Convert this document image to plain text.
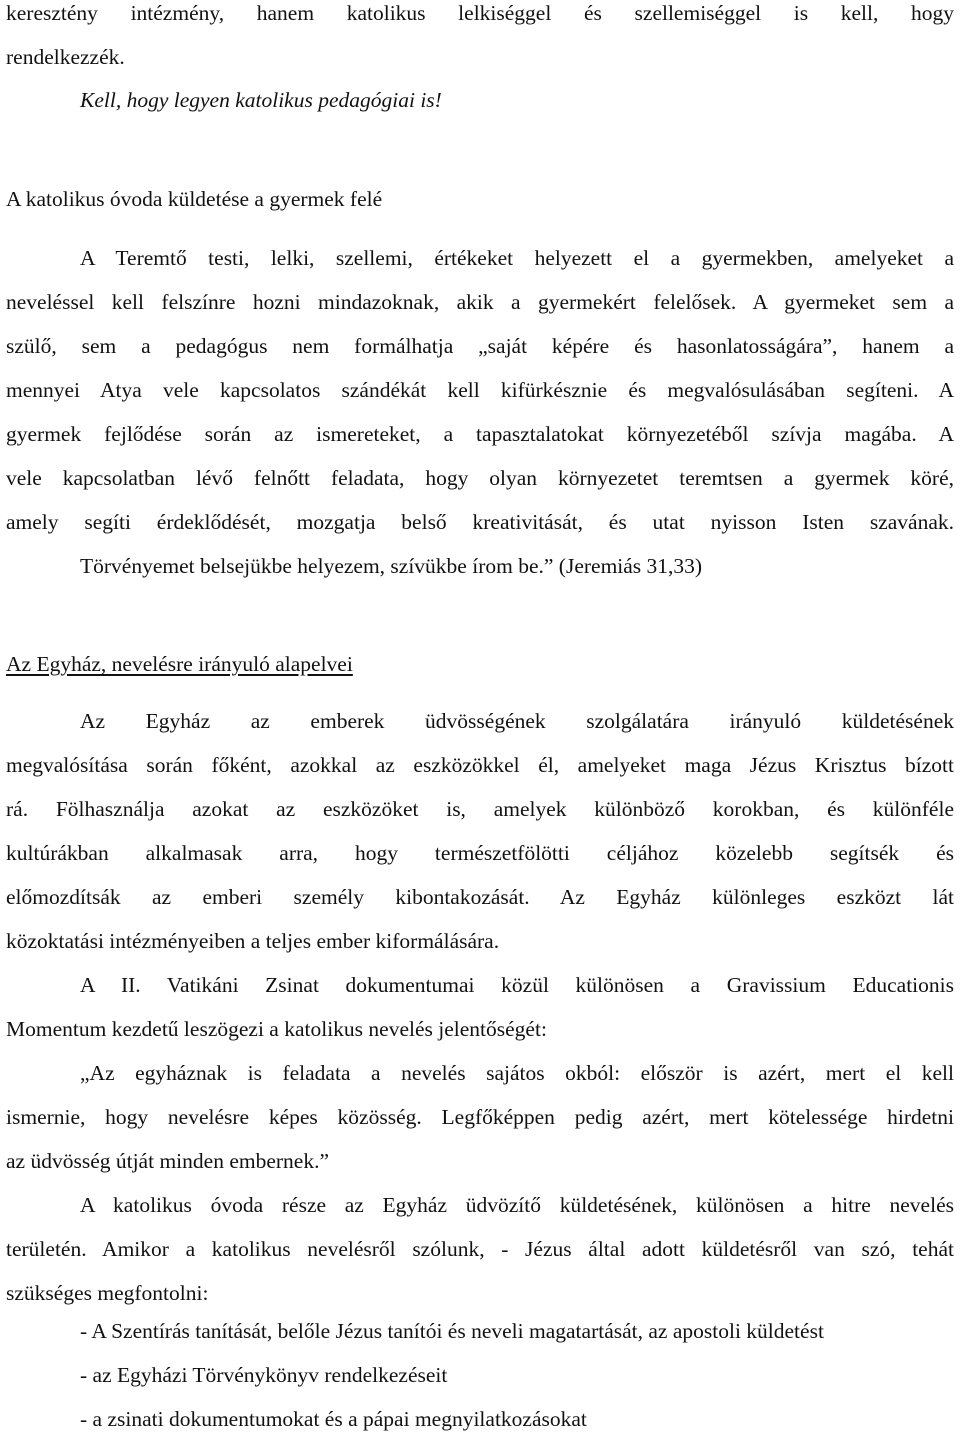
keresztény intézmény, hanem katolikus lelkiséggel és szellemiséggel is kell, hogy
rendelkezzék.
Kell, hogy legyen katolikus pedagógiai is!
A katolikus óvoda küldetése a gyermek felé
A Teremtő testi, lelki, szellemi, értékeket helyezett el a gyermekben, amelyeket a
neveléssel kell felszínre hozni mindazoknak, akik a gyermekért felelősek. A gyermeket sem a
szülő, sem a pedagógus nem formálhatja „saját képére és hasonlatosságára”, hanem a
mennyei Atya vele kapcsolatos szándékát kell kifürkésznie és megvalósulásában segíteni. A
gyermek fejlődése során az ismereteket, a tapasztalatokat környezetéből szívja magába. A
vele kapcsolatban lévő felnőtt feladata, hogy olyan környezetet teremtsen a gyermek köré,
amely segíti érdeklődését, mozgatja belső kreativitását, és utat nyisson Isten szavának.
Törvényemet belsejükbe helyezem, szívükbe írom be.” (Jeremiás 31,33)
Az Egyház, nevelésre irányuló alapelvei
Az Egyház az emberek üdvösségének szolgálatára irányuló küldetésének
megvalósítása során főként, azokkal az eszközökkel él, amelyeket maga Jézus Krisztus bízott
rá. Fölhasználja azokat az eszközöket is, amelyek különböző korokban, és különféle
kultúrákban alkalmasak arra, hogy természetfölötti céljához közelebb segítsék és
előmozdítsák az emberi személy kibontakozását. Az Egyház különleges eszközt lát
közoktatási intézményeiben a teljes ember kiformálására.
A II. Vatikáni Zsinat dokumentumai közül különösen a Gravissium Educationis
Momentum kezdetű leszögezi a katolikus nevelés jelentőségét:
„Az egyháznak is feladata a nevelés sajátos okból: először is azért, mert el kell
ismernie, hogy nevelésre képes közösség. Legfőképpen pedig azért, mert kötelessége hirdetni
az üdvösség útját minden embernek.”
A katolikus óvoda része az Egyház üdvözítő küldetésének, különösen a hitre nevelés
területén. Amikor a katolikus nevelésről szólunk, - Jézus által adott küldetésről van szó, tehát
szükséges megfontolni:
- A Szentírás tanítását, belőle Jézus tanítói és neveli magatartását, az apostoli küldetést
- az Egyházi Törvénykönyv rendelkezéseit
- a zsinati dokumentumokat és a pápai megnyilatkozásokat
